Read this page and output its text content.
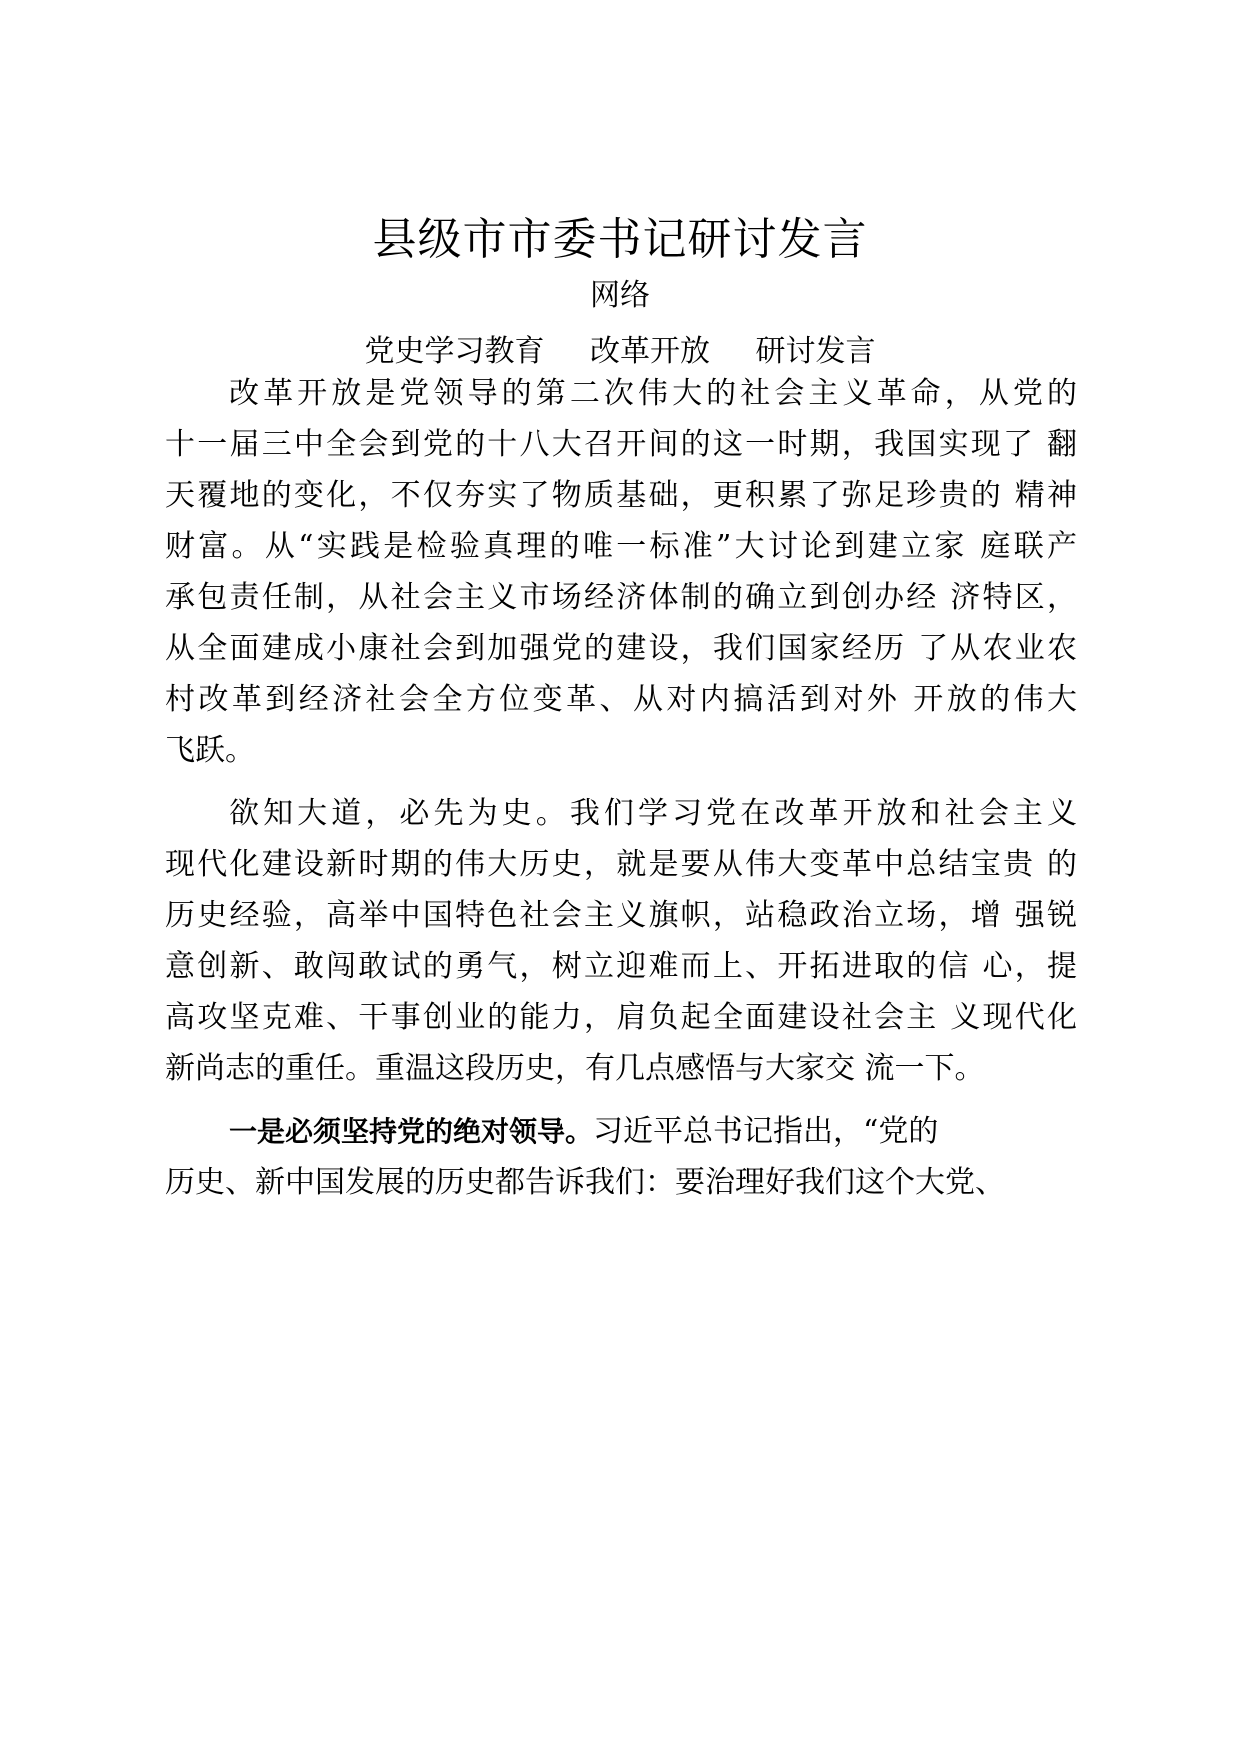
县级市市委书记研讨发言
网络
党史学习教育 改革开放 研讨发言
改革开放是党领导的第二次伟大的社会主义革命，从党的
十一届三中全会到党的十八大召开间的这一时期，我国实现了 翻
天覆地的变化，不仅夯实了物质基础，更积累了弥足珍贵的 精神
财富。从“实践是检验真理的唯一标准”大讨论到建立家 庭联产
承包责任制，从社会主义市场经济体制的确立到创办经 济特区，
从全面建成小康社会到加强党的建设，我们国家经历 了从农业农
村改革到经济社会全方位变革、从对内搞活到对外 开放的伟大
飞跃。
欲知大道，必先为史。我们学习党在改革开放和社会主义
现代化建设新时期的伟大历史，就是要从伟大变革中总结宝贵 的
历史经验，高举中国特色社会主义旗帜，站稳政治立场，增 强锐
意创新、敢闯敢试的勇气，树立迎难而上、开拓进取的信 心，提
高攻坚克难、干事创业的能力，肩负起全面建设社会主 义现代化
新尚志的重任。重温这段历史，有几点感悟与大家交 流一下。
一是必须坚持党的绝对领导。习近平总书记指出，“党的
历史、新中国发展的历史都告诉我们：要治理好我们这个大党、
